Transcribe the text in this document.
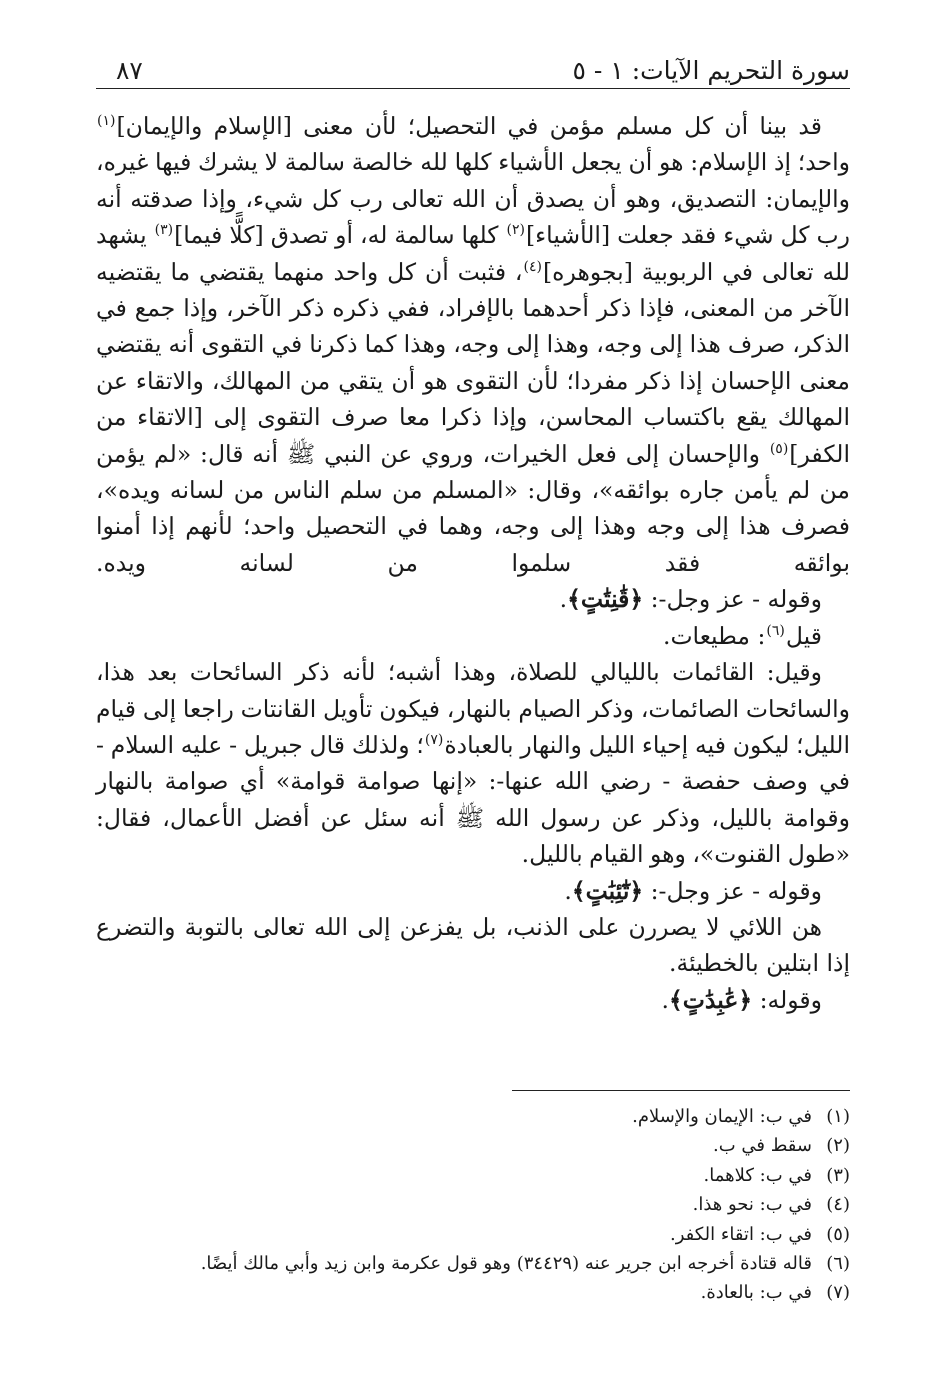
سورة التحريم الآيات: ١ - ٥
٨٧

قد بينا أن كل مسلم مؤمن في التحصيل؛ لأن معنى [الإسلام والإيمان]$^{(١)}$ واحد؛ إذ الإسلام: هو أن يجعل الأشياء كلها لله خالصة سالمة لا يشرك فيها غيره، والإيمان: التصديق، وهو أن يصدق أن الله تعالى رب كل شيء، وإذا صدقته أنه رب كل شيء فقد جعلت [الأشياء]$^{(٢)}$ كلها سالمة له، أو تصدق [كلًّا فيما]$^{(٣)}$ يشهد لله تعالى في الربوبية [بجوهره]$^{(٤)}$، فثبت أن كل واحد منهما يقتضي ما يقتضيه الآخر من المعنى، فإذا ذكر أحدهما بالإفراد، ففي ذكره ذكر الآخر، وإذا جمع في الذكر، صرف هذا إلى وجه، وهذا إلى وجه، وهذا كما ذكرنا في التقوى أنه يقتضي معنى الإحسان إذا ذكر مفردا؛ لأن التقوى هو أن يتقي من المهالك، والاتقاء عن المهالك يقع باكتساب المحاسن، وإذا ذكرا معا صرف التقوى إلى [الاتقاء من الكفر]$^{(٥)}$ والإحسان إلى فعل الخيرات، وروي عن النبي ﷺ أنه قال: «لم يؤمن من لم يأمن جاره بوائقه»، وقال: «المسلم من سلم الناس من لسانه ويده»، فصرف هذا إلى وجه وهذا إلى وجه، وهما في التحصيل واحد؛ لأنهم إذا أمنوا بوائقه فقد سلموا من لسانه ويده.

وقوله - عز وجل-: ﴿قَٰنِتَٰتٍ﴾.

قيل$^{(٦)}$: مطيعات.

وقيل: القائمات بالليالي للصلاة، وهذا أشبه؛ لأنه ذكر السائحات بعد هذا، والسائحات الصائمات، وذكر الصيام بالنهار، فيكون تأويل القانتات راجعا إلى قيام الليل؛ ليكون فيه إحياء الليل والنهار بالعبادة$^{(٧)}$؛ ولذلك قال جبريل - عليه السلام - في وصف حفصة - رضي الله عنها-: «إنها صوامة قوامة» أي صوامة بالنهار وقوامة بالليل، وذكر عن رسول الله ﷺ أنه سئل عن أفضل الأعمال، فقال: «طول القنوت»، وهو القيام بالليل.

وقوله - عز وجل-: ﴿تَٰٓئِبَٰتٍ﴾.

هن اللائي لا يصررن على الذنب، بل يفزعن إلى الله تعالى بالتوبة والتضرع إذا ابتلين بالخطيئة.

وقوله: ﴿عَٰبِدَٰتٍ﴾.

(١)في ب: الإيمان والإسلام.
(٢)سقط في ب.
(٣)في ب: كلاهما.
(٤)في ب: نحو هذا.
(٥)في ب: اتقاء الكفر.
(٦)قاله قتادة أخرجه ابن جرير عنه (٣٤٤٢٩) وهو قول عكرمة وابن زيد وأبي مالك أيضًا.
(٧)في ب: بالعادة.
